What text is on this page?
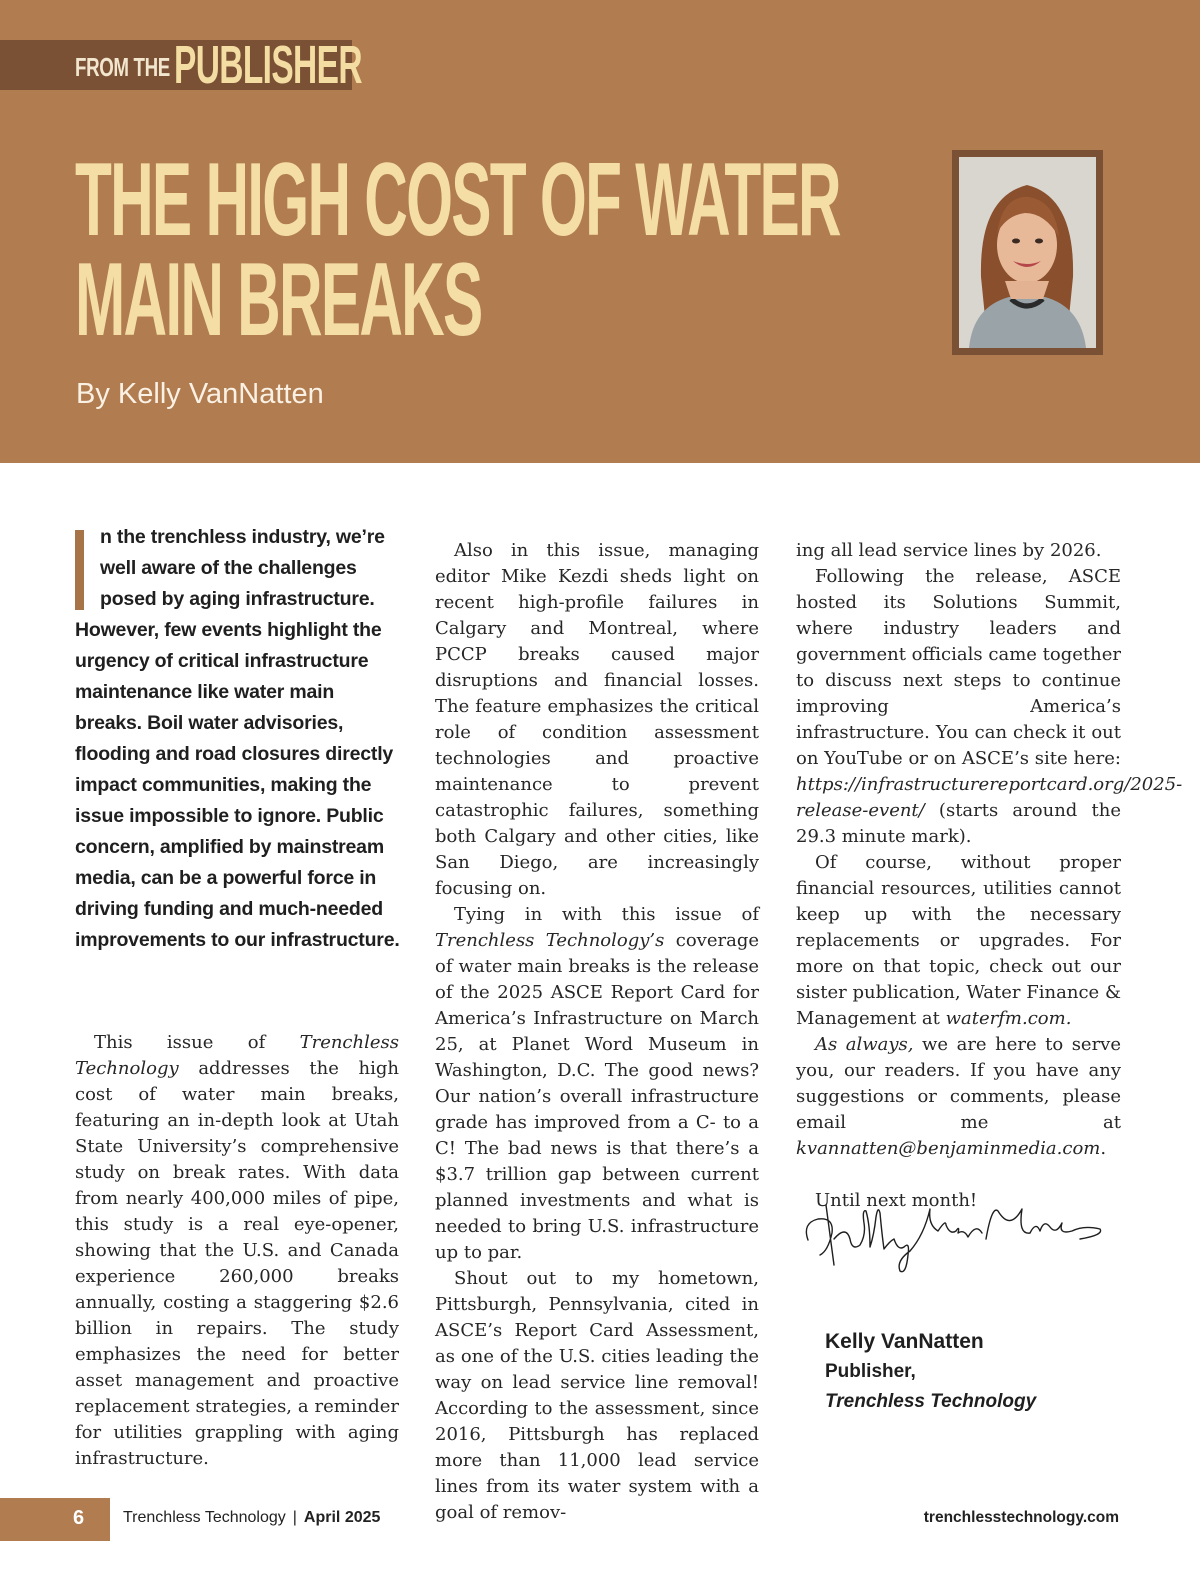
FROM THE PUBLISHER
THE HIGH COST OF WATER
MAIN BREAKS
By Kelly VanNatten
n the trenchless industry, we’re well aware of the challenges posed by aging infrastructure. However, few events highlight the urgency of critical infrastructure maintenance like water main breaks. Boil water advisories, flooding and road closures directly impact communities, making the issue impossible to ignore. Public concern, amplified by mainstream media, can be a powerful force in driving funding and much-needed improvements to our infrastructure.

This issue of Trenchless Technology addresses the high cost of water main breaks, featuring an in-depth look at Utah State University’s comprehensive study on break rates. With data from nearly 400,000 miles of pipe, this study is a real eye-opener, showing that the U.S. and Canada experience 260,000 breaks annually, costing a staggering $2.6 billion in repairs. The study emphasizes the need for better asset management and proactive replacement strategies, a reminder for utilities grappling with aging infrastructure.

Also in this issue, managing editor Mike Kezdi sheds light on recent high-profile failures in Calgary and Montreal, where PCCP breaks caused major disruptions and financial losses. The feature emphasizes the critical role of condition assessment technologies and proactive maintenance to prevent catastrophic failures, something both Calgary and other cities, like San Diego, are increasingly focusing on.

Tying in with this issue of Trenchless Technology’s coverage of water main breaks is the release of the 2025 ASCE Report Card for America’s Infrastructure on March 25, at Planet Word Museum in Washington, D.C. The good news? Our nation’s overall infrastructure grade has improved from a C- to a C! The bad news is that there’s a $3.7 trillion gap between current planned investments and what is needed to bring U.S. infrastructure up to par.

Shout out to my hometown, Pittsburgh, Pennsylvania, cited in ASCE’s Report Card Assessment, as one of the U.S. cities leading the way on lead service line removal! According to the assessment, since 2016, Pittsburgh has replaced more than 11,000 lead service lines from its water system with a goal of remov-

ing all lead service lines by 2026.

Following the release, ASCE hosted its Solutions Summit, where industry leaders and government officials came together to discuss next steps to continue improving America’s infrastructure. You can check it out on YouTube or on ASCE’s site here: https://infrastructurereportcard.org/2025-release-event/ (starts around the 29.3 minute mark).

Of course, without proper financial resources, utilities cannot keep up with the necessary replacements or upgrades. For more on that topic, check out our sister publication, Water Finance & Management at waterfm.com.

As always, we are here to serve you, our readers. If you have any suggestions or comments, please email me at kvannatten@benjaminmedia.com.

Until next month!

Kelly VanNatten
Publisher,
Trenchless Technology
6 Trenchless Technology | April 2025	trenchlesstechnology.com
